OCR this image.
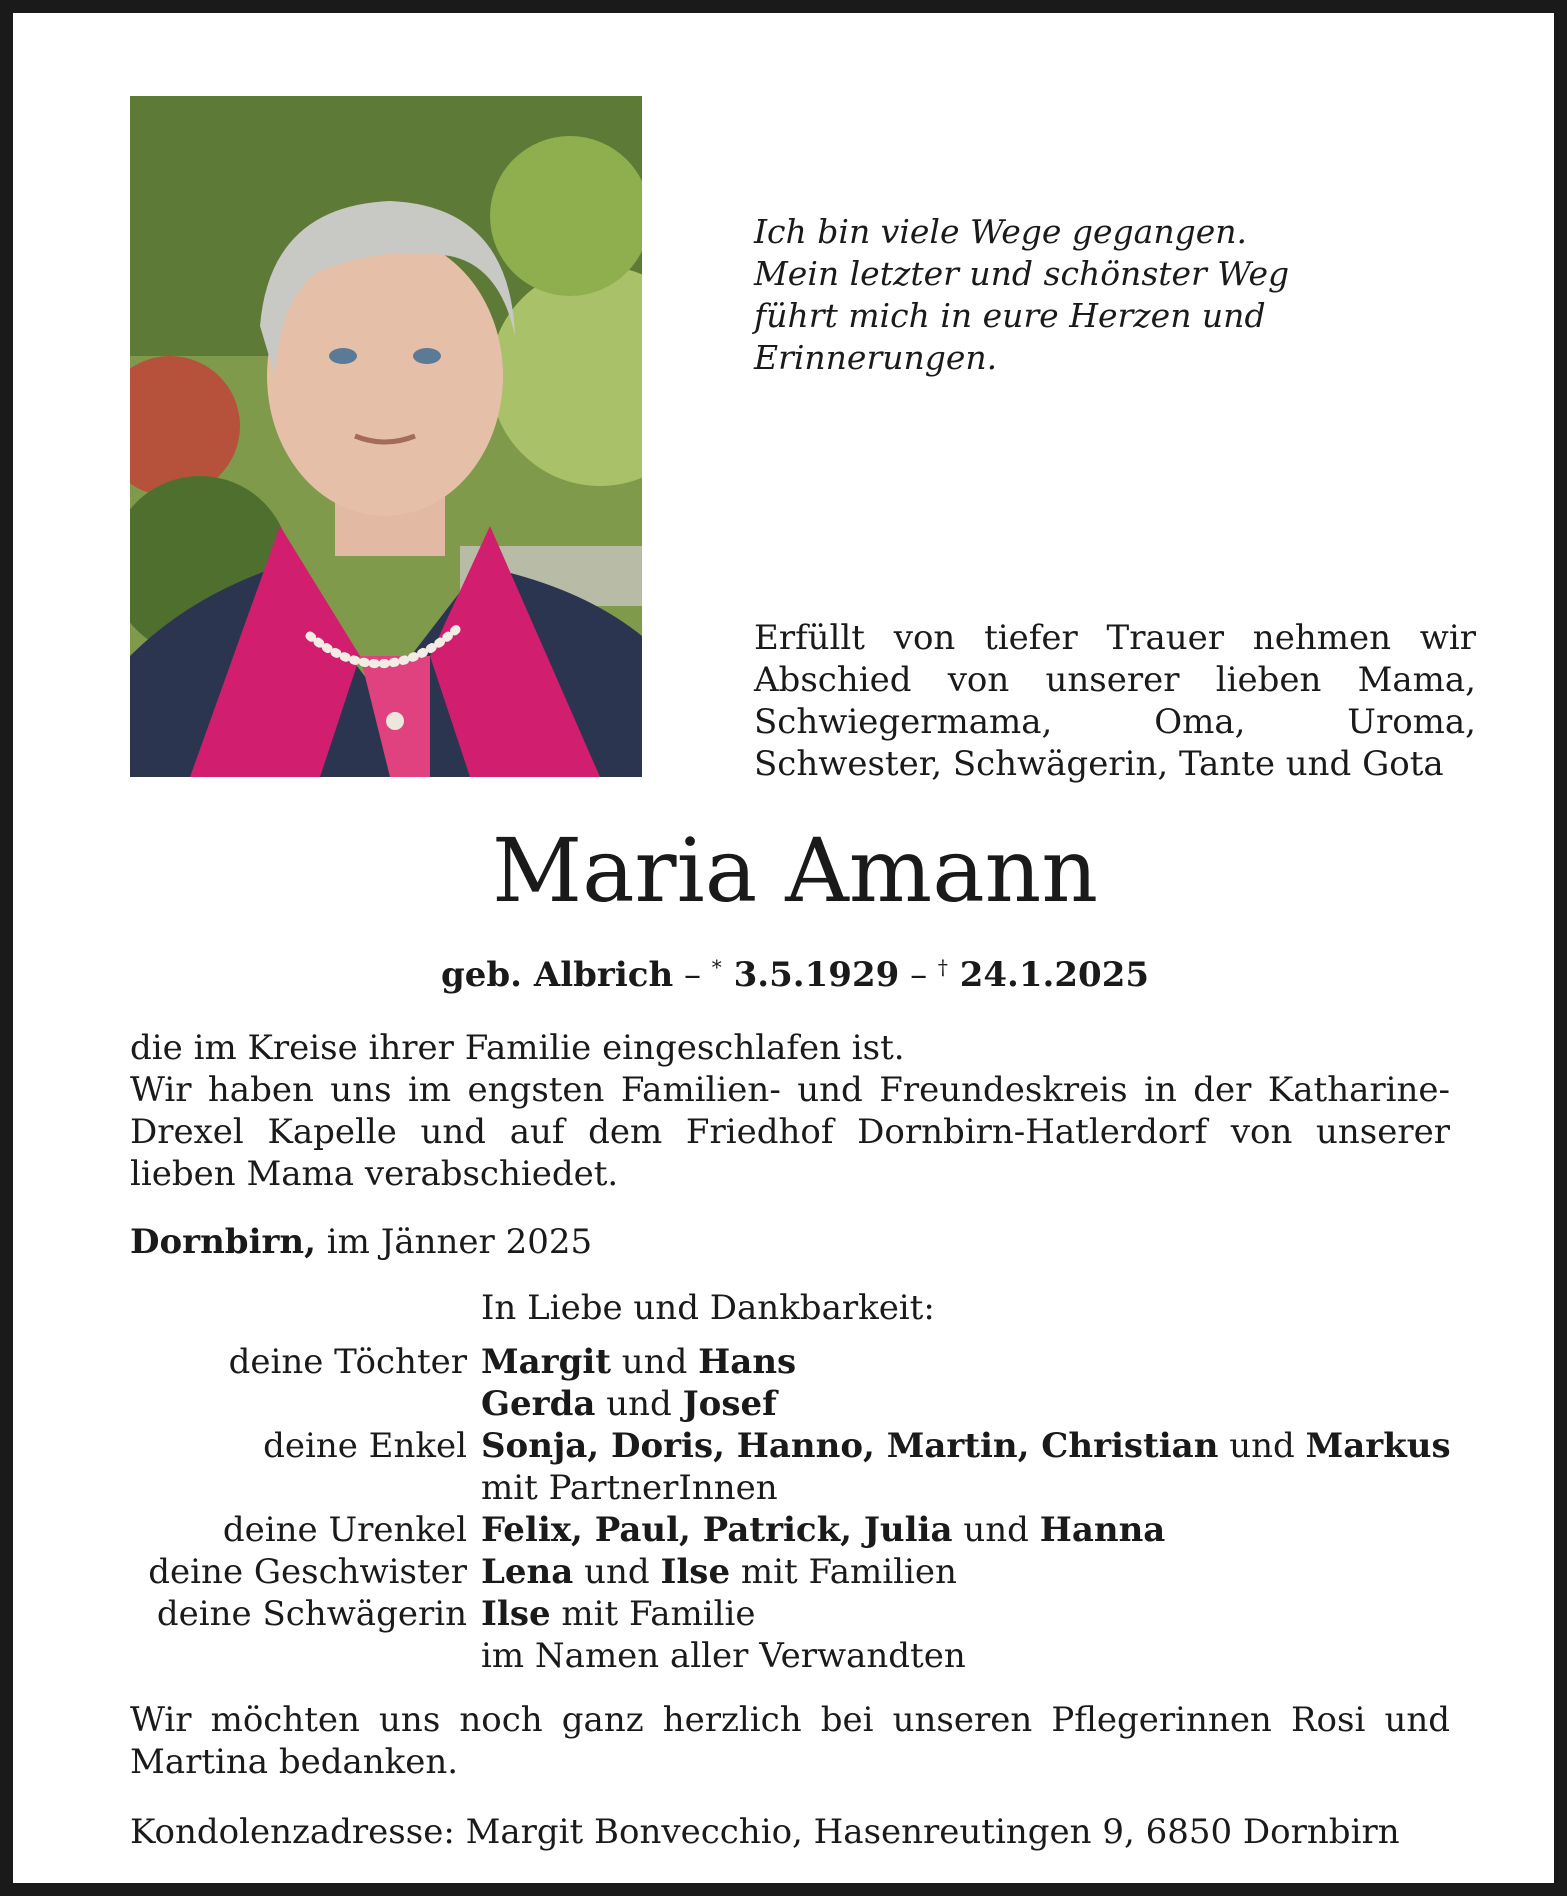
Ich bin viele Wege gegangen.

Mein letzter und schönster Weg

führt mich in eure Herzen und

Erinnerungen.

Erfüllt von tiefer Trauer nehmen wir Abschied von unserer lieben Mama, Schwiegermama, Oma, Uroma, Schwester, Schwägerin, Tante und Gota
Maria Amann
geb. Albrich – * 3.5.1929 – † 24.1.2025

die im Kreise ihrer Familie eingeschlafen ist.

Wir haben uns im engsten Familien- und Freundeskreis in der Katharine-Drexel Kapelle und auf dem Friedhof Dornbirn-Hatlerdorf von unserer lieben Mama verabschiedet.

Dornbirn, im Jänner 2025
In Liebe und Dankbarkeit:
deine Töchter Margit und Hans
Gerda und Josef
deine Enkel Sonja, Doris, Hanno, Martin, Christian und Markus
mit PartnerInnen
deine Urenkel Felix, Paul, Patrick, Julia und Hanna
deine Geschwister Lena und Ilse mit Familien
deine Schwägerin Ilse mit Familie
im Namen aller Verwandten
Wir möchten uns noch ganz herzlich bei unseren Pflegerinnen Rosi und Martina bedanken.
Kondolenzadresse: Margit Bonvecchio, Hasenreutingen 9, 6850 Dornbirn
